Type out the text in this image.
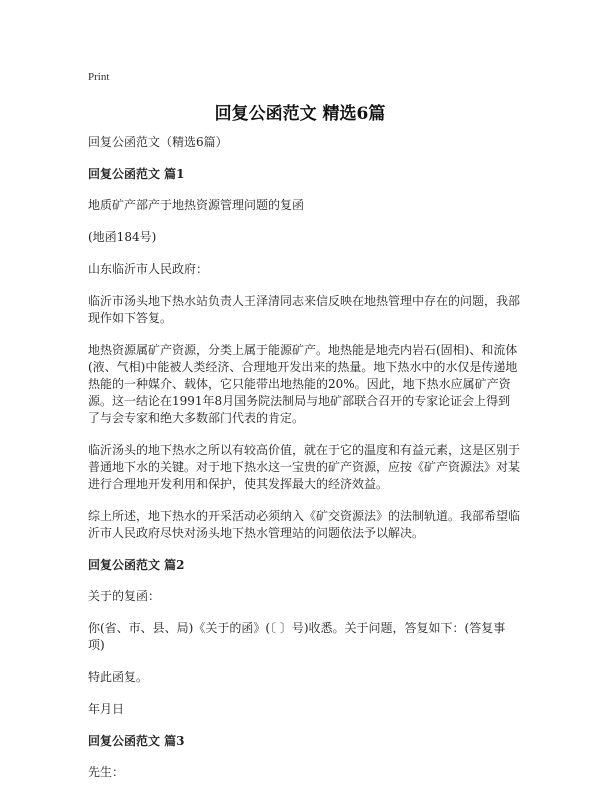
Print
回复公函范文 精选6篇

回复公函范文（精选6篇）

回复公函范文 篇1

地质矿产部产于地热资源管理问题的复函

(地函184号)

山东临沂市人民政府：

临沂市汤头地下热水站负责人王泽清同志来信反映在地热管理中存在的问题，我部现作如下答复。

地热资源属矿产资源，分类上属于能源矿产。地热能是地壳内岩石(固相)、和流体(液、气相)中能被人类经济、合理地开发出来的热量。地下热水中的水仅是传递地热能的一种媒介、载体，它只能带出地热能的20%。因此，地下热水应属矿产资源。这一结论在1991年8月国务院法制局与地矿部联合召开的专家论证会上得到了与会专家和绝大多数部门代表的肯定。

临沂汤头的地下热水之所以有较高价值，就在于它的温度和有益元素，这是区别于普通地下水的关键。对于地下热水这一宝贵的矿产资源，应按《矿产资源法》对某进行合理地开发利用和保护，使其发挥最大的经济效益。

综上所述，地下热水的开采活动必须纳入《矿交资源法》的法制轨道。我部希望临沂市人民政府尽快对汤头地下热水管理站的问题依法予以解决。

回复公函范文 篇2

关于的复函：

你(省、市、县、局)《关于的函》(〔 〕号)收悉。关于问题，答复如下：(答复事项)

特此函复。

年月日

回复公函范文 篇3

先生：
